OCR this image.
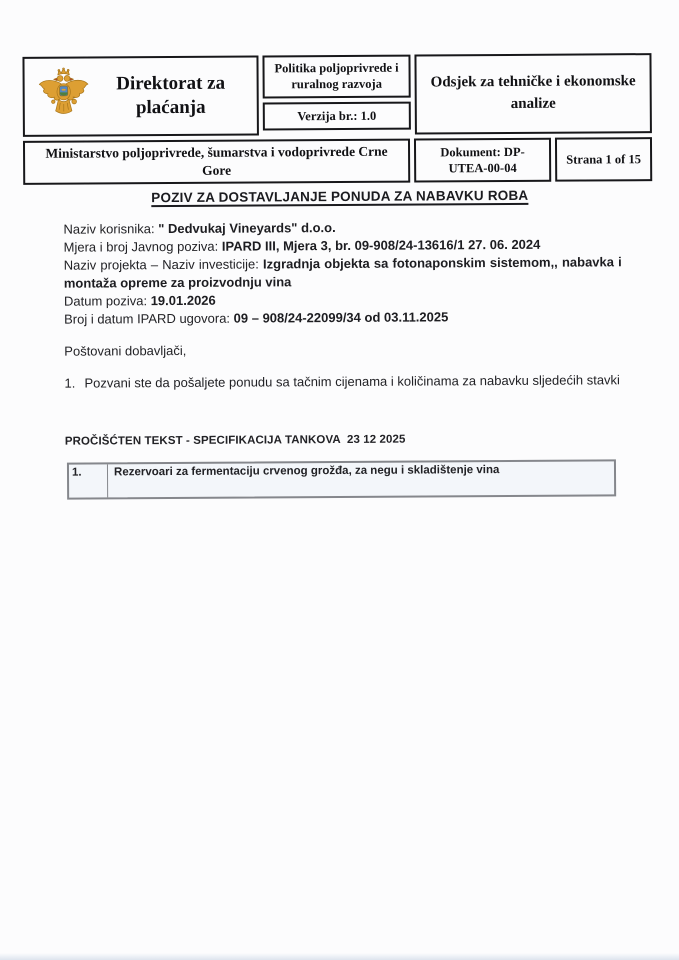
Direktorat za plaćanja
Politika poljoprivrede i ruralnog razvoja
Verzija br.: 1.0
Odsjek za tehničke i ekonomske analize
Ministarstvo poljoprivrede, šumarstva i vodoprivrede Crne Gore
Dokument: DP-UTEA-00-04
Strana 1 of 15
POZIV ZA DOSTAVLJANJE PONUDA ZA NABAVKU ROBA
Naziv korisnika: " Dedvukaj Vineyards" d.o.o.
Mjera i broj Javnog poziva: IPARD III, Mjera 3, br. 09-908/24-13616/1 27. 06. 2024
Naziv projekta – Naziv investicije: Izgradnja objekta sa fotonaponskim sistemom,, nabavka i montaža opreme za proizvodnju vina
Datum poziva: 19.01.2026
Broj i datum IPARD ugovora: 09 – 908/24-22099/34 od 03.11.2025
Poštovani dobavljači,
1. Pozvani ste da pošaljete ponudu sa tačnim cijenama i količinama za nabavku sljedećih stavki
PROČIŠĆTEN TEKST - SPECIFIKACIJA TANKOVA  23 12 2025
1.	Rezervoari za fermentaciju crvenog grožđa, za negu i skladištenje vina
